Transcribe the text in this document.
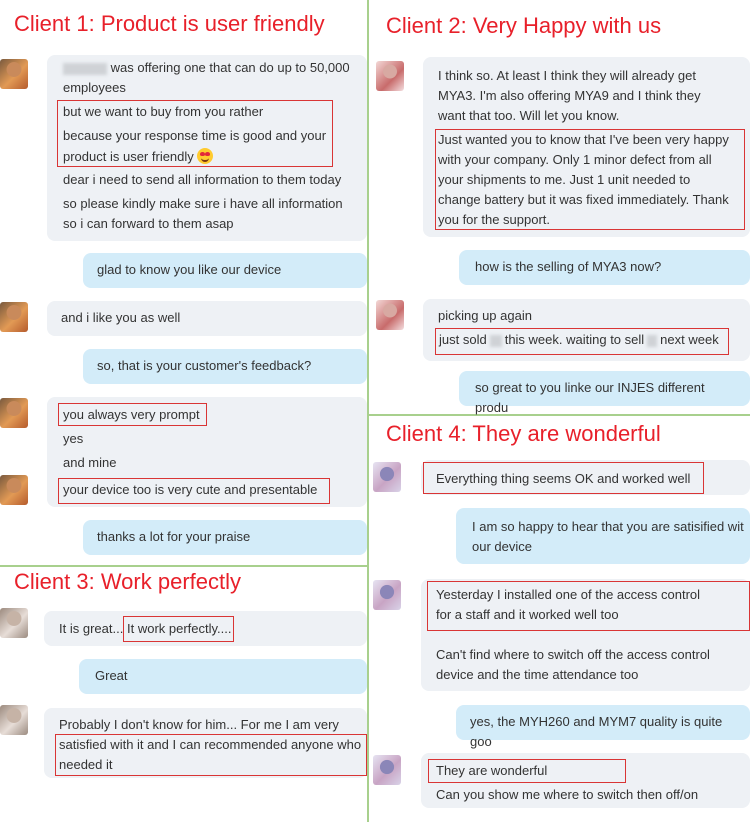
Client 1: Product is user friendly
was offering one that can do up to 50,000
employees
but we want to buy from you rather
because your response time is good and your
product is user friendly
dear i need to send all information to them today
so please kindly make sure i have all information
so i can forward to them asap
glad to know you like our device
and i like you as well
so, that is your customer's feedback?
you always very prompt
yes
and mine
your device too is very cute and presentable
thanks a lot for your praise
Client 3: Work perfectly
It is great... It work perfectly....
Great
Probably I don't know for him... For me I am very
satisfied with it and I can recommended anyone who
needed it
Client 2: Very Happy with us
I think so. At least I think they will already get
MYA3. I'm also offering MYA9 and I think they
want that too. Will let you know.
Just wanted you to know that I've been very happy
with your company. Only 1 minor defect from all
your shipments to me. Just 1 unit needed to
change battery but it was fixed immediately. Thank
you for the support.
how is the selling of MYA3 now?
picking up again
just sold this week. waiting to sell next week
so great to you linke our INJES different produ
Client 4: They are wonderful
Everything thing seems OK and worked well
I am so happy to hear that you are satisified wit
our device
Yesterday I installed one of the access control
for a staff and it worked well too
Can't find where to switch off the access control
device and the time attendance too
yes, the MYH260 and MYM7 quality is quite goo
They are wonderful
Can you show me where to switch then off/on
